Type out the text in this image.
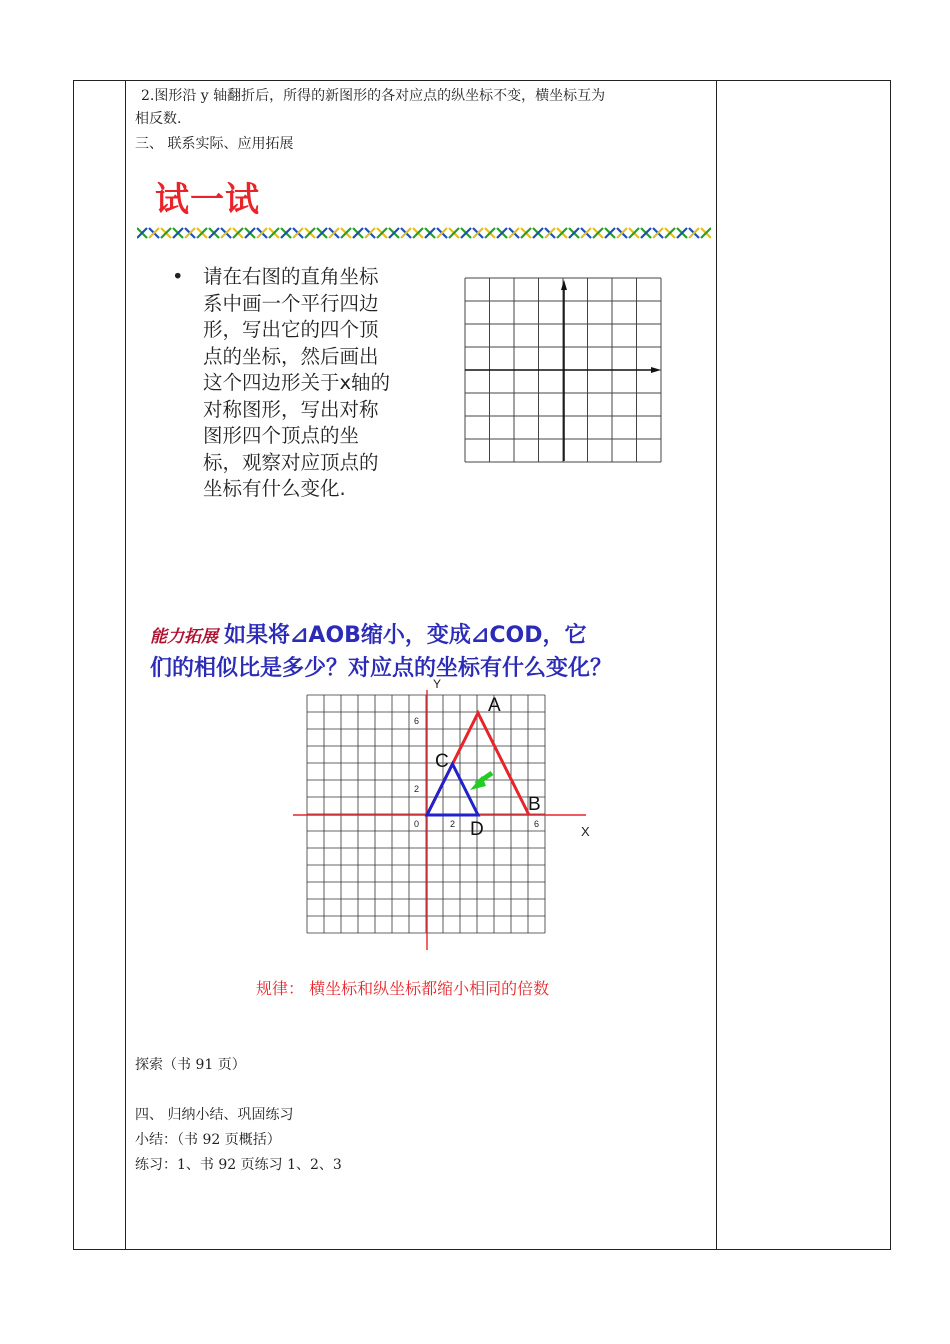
2.图形沿 y 轴翻折后，所得的新图形的各对应点的纵坐标不变，横坐标互为
相反数.
三、 联系实际、应用拓展
试一试
• 请在右图的直角坐标
系中画一个平行四边
形，写出它的四个顶
点的坐标，然后画出
这个四边形关于x轴的
对称图形，写出对称
图形四个顶点的坐
标，观察对应顶点的
坐标有什么变化.
能力拓展 如果将⊿AOB缩小，变成⊿COD，它
们的相似比是多少？对应点的坐标有什么变化？
Y
X
A
B
C
D
6
2
0	2	6
规律： 横坐标和纵坐标都缩小相同的倍数
探索（书 91 页）
四、 归纳小结、巩固练习
小结：（书 92 页概括）
练习：1、书 92 页练习 1、2、3
